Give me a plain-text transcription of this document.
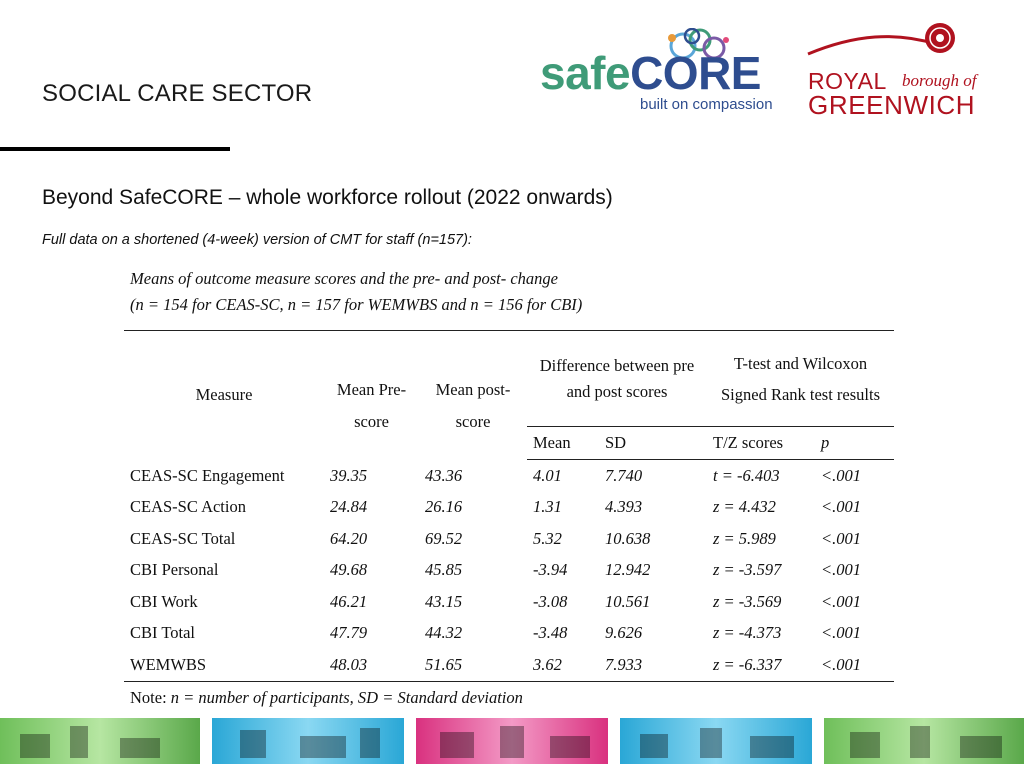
SOCIAL CARE SECTOR	safeCORE
built on compassion
ROYAL borough of
GREENWICH
Beyond SafeCORE – whole workforce rollout (2022 onwards)
Full data on a shortened (4-week) version of CMT for staff (n=157):
Means of outcome measure scores and the pre- and post- change
(n = 154 for CEAS-SC, n = 157 for WEMWBS and n = 156 for CBI)
Measure	Mean Pre-score	Mean post- score	Difference between pre and post scores		T-test and Wilcoxon Signed Rank test results	
			Mean	SD	T/Z scores	p
CEAS-SC Engagement	39.35	43.36	4.01	7.740	t = -6.403	<.001
CEAS-SC Action	24.84	26.16	1.31	4.393	z = 4.432	<.001
CEAS-SC Total	64.20	69.52	5.32	10.638	z = 5.989	<.001
CBI Personal	49.68	45.85	-3.94	12.942	z = -3.597	<.001
CBI Work	46.21	43.15	-3.08	10.561	z = -3.569	<.001
CBI Total	47.79	44.32	-3.48	9.626	z = -4.373	<.001
WEMWBS	48.03	51.65	3.62	7.933	z = -6.337	<.001
Note: n = number of participants, SD = Standard deviation
